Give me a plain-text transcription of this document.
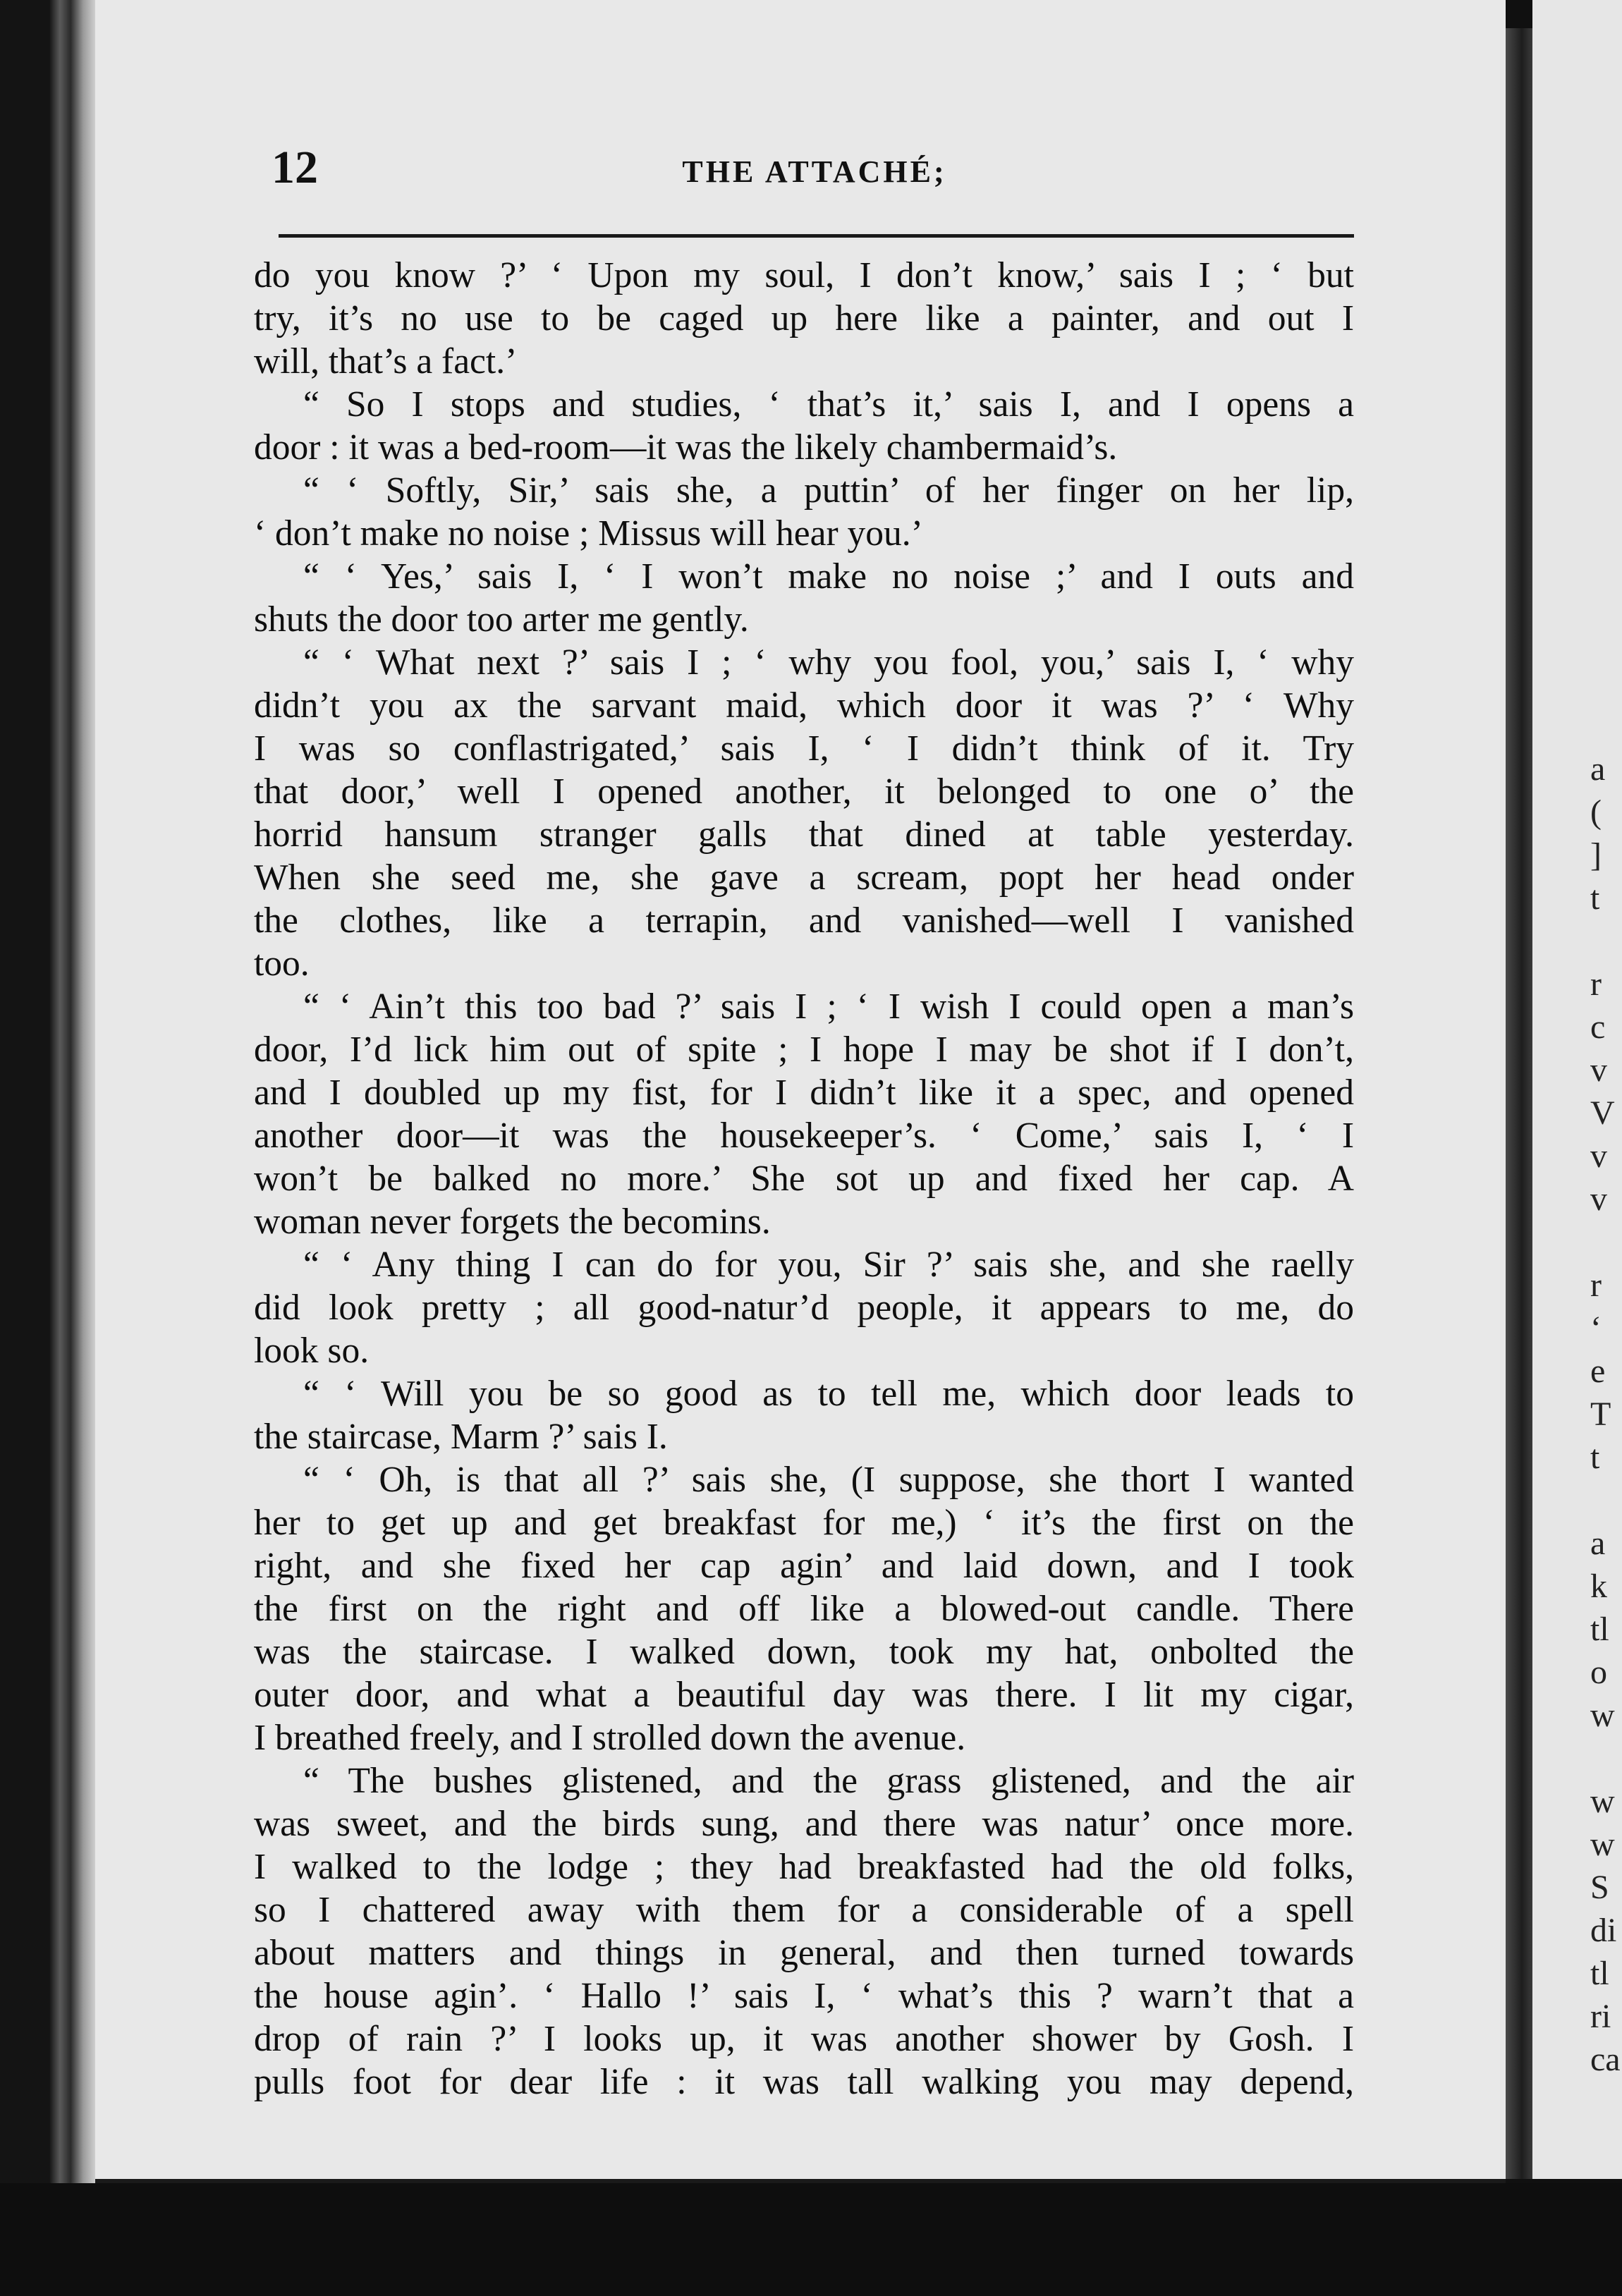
12	THE ATTACHÉ;
do you know ?’ ‘ Upon my soul, I don’t know,’ sais I ; ‘ but
try, it’s no use to be caged up here like a painter, and out I
will, that’s a fact.’
“ So I stops and studies, ‘ that’s it,’ sais I, and I opens a
door : it was a bed-room—it was the likely chambermaid’s.
“ ‘ Softly, Sir,’ sais she, a puttin’ of her finger on her lip,
‘ don’t make no noise ; Missus will hear you.’
“ ‘ Yes,’ sais I, ‘ I won’t make no noise ;’ and I outs and
shuts the door too arter me gently.
“ ‘ What next ?’ sais I ; ‘ why you fool, you,’ sais I, ‘ why
didn’t you ax the sarvant maid, which door it was ?’ ‘ Why
I was so conflastrigated,’ sais I, ‘ I didn’t think of it. Try
that door,’ well I opened another, it belonged to one o’ the
horrid hansum stranger galls that dined at table yesterday.
When she seed me, she gave a scream, popt her head onder
the clothes, like a terrapin, and vanished—well I vanished
too.
“ ‘ Ain’t this too bad ?’ sais I ; ‘ I wish I could open a man’s
door, I’d lick him out of spite ; I hope I may be shot if I don’t,
and I doubled up my fist, for I didn’t like it a spec, and opened
another door—it was the housekeeper’s. ‘ Come,’ sais I, ‘ I
won’t be balked no more.’ She sot up and fixed her cap. A
woman never forgets the becomins.
“ ‘ Any thing I can do for you, Sir ?’ sais she, and she raelly
did look pretty ; all good-natur’d people, it appears to me, do
look so.
“ ‘ Will you be so good as to tell me, which door leads to
the staircase, Marm ?’ sais I.
“ ‘ Oh, is that all ?’ sais she, (I suppose, she thort I wanted
her to get up and get breakfast for me,) ‘ it’s the first on the
right, and she fixed her cap agin’ and laid down, and I took
the first on the right and off like a blowed-out candle. There
was the staircase. I walked down, took my hat, onbolted the
outer door, and what a beautiful day was there. I lit my cigar,
I breathed freely, and I strolled down the avenue.
“ The bushes glistened, and the grass glistened, and the air
was sweet, and the birds sung, and there was natur’ once more.
I walked to the lodge ; they had breakfasted had the old folks,
so I chattered away with them for a considerable of a spell
about matters and things in general, and then turned towards
the house agin’. ‘ Hallo !’ sais I, ‘ what’s this ? warn’t that a
drop of rain ?’ I looks up, it was another shower by Gosh. I
pulls foot for dear life : it was tall walking you may depend,
a
(
]
t
r
c
v
V
v
v
r
‘
e
T
t
a
k
tl
o
w
w
w
S
di
tl
ri
ca
